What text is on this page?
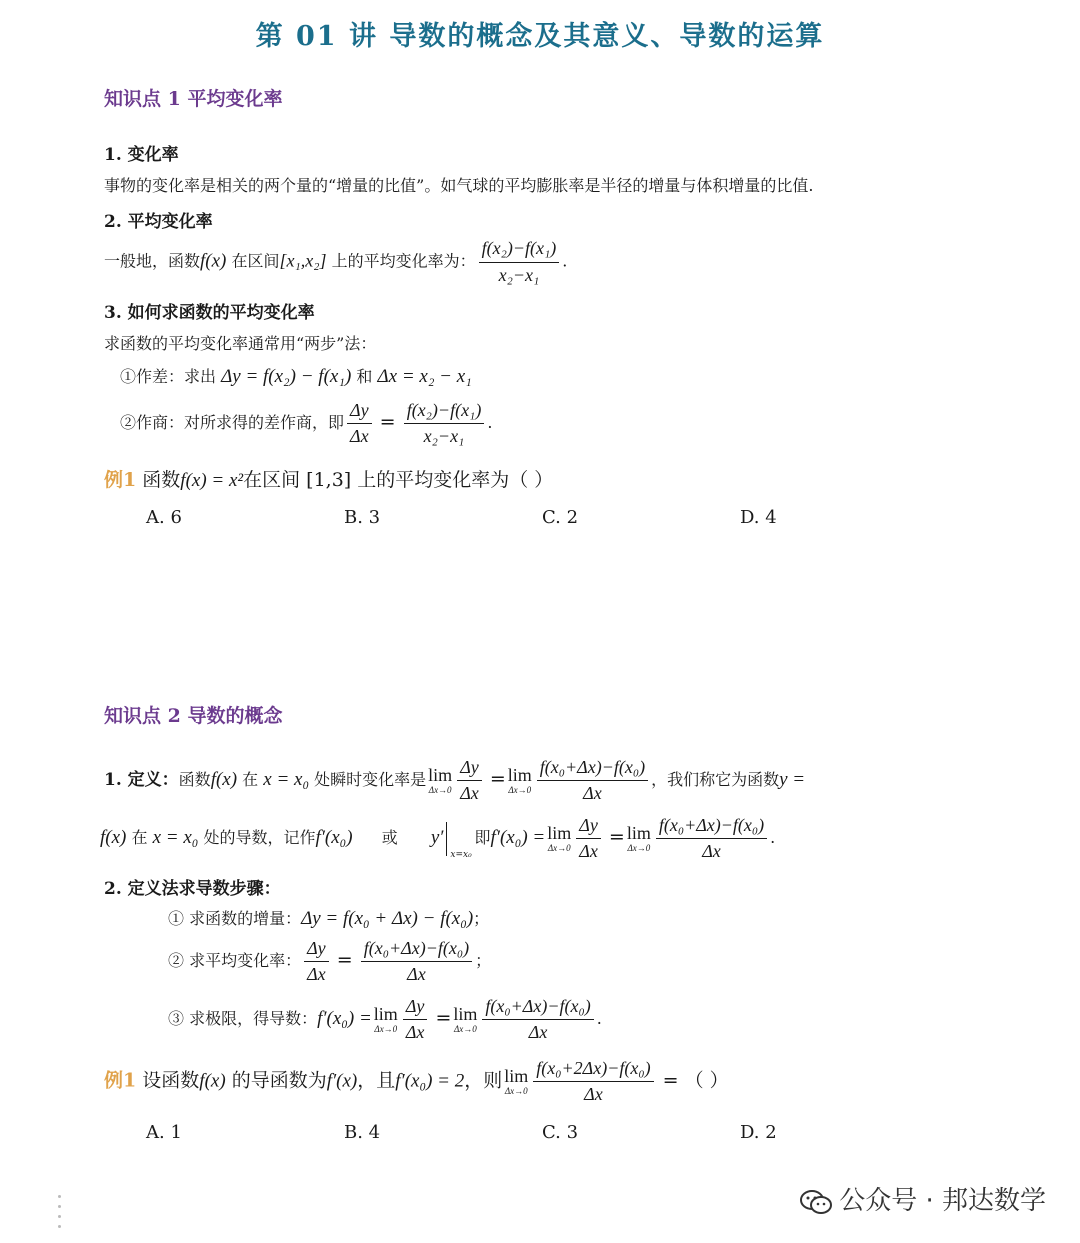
第 01 讲 导数的概念及其意义、导数的运算
知识点 1 平均变化率
1. 变化率
事物的变化率是相关的两个量的“增量的比值”。如气球的平均膨胀率是半径的增量与体积增量的比值.
2. 平均变化率
一般地，函数f(x) 在区间[x₁,x₂] 上的平均变化率为： $\frac{\text{f(x₂)−f(x₁)}}{\text{x₂−x₁}}$ .
3. 如何求函数的平均变化率
求函数的平均变化率通常用“两步”法：
①作差：求出 Δy = f(x₂) − f(x₁) 和 Δx = x₂ − x₁
②作商：对所求得的差作商，即 $\frac{\Delta y}{\Delta x} = \frac{\text{f(x₂)−f(x₁)}}{\text{x₂−x₁}}$ .
例1 函数f(x) = x²在区间 [1,3] 上的平均变化率为（ ）
A. 6	B. 3	C. 2	D. 4
知识点 2 导数的概念
1. 定义：函数f(x) 在 x = x₀ 处瞬时变化率是 lim
$\Delta x\to 0 \frac{\Delta y}{\Delta x} = \lim$
$\Delta x\to 0 \frac{\text{f(x₀+Δx)−f(x₀)}}{\Delta x}$ ，我们称它为函数y =
f(x) 在 x = x₀ 处的导数，记作f′(x₀) 或 y′
x=x₀
即f′(x₀) = lim
$\Delta x\to 0 \frac{\Delta y}{\Delta x} = \lim$
$\Delta x\to 0 \frac{\text{f(x₀+Δx)−f(x₀)}}{\Delta x}$ .
2. 定义法求导数步骤：
① 求函数的增量：Δy = f(x₀ + Δx) − f(x₀)；
② 求平均变化率： $\frac{\Delta y}{\Delta x} = \frac{\text{f(x₀+Δx)−f(x₀)}}{\Delta x}$ ；
③ 求极限，得导数：f′(x₀) = lim
$\Delta x\to 0 \frac{\Delta y}{\Delta x} = \lim$
$\Delta x\to 0 \frac{\text{f(x₀+Δx)−f(x₀)}}{\Delta x}$ .
例1 设函数f(x) 的导函数为f′(x)，且f′(x₀) = 2，则 lim
$\Delta x\to 0 \frac{\text{f(x₀+2Δx)−f(x₀)}}{\Delta x}$ = （ ）
A. 1	B. 4	C. 3	D. 2
公众号 · 邦达数学
